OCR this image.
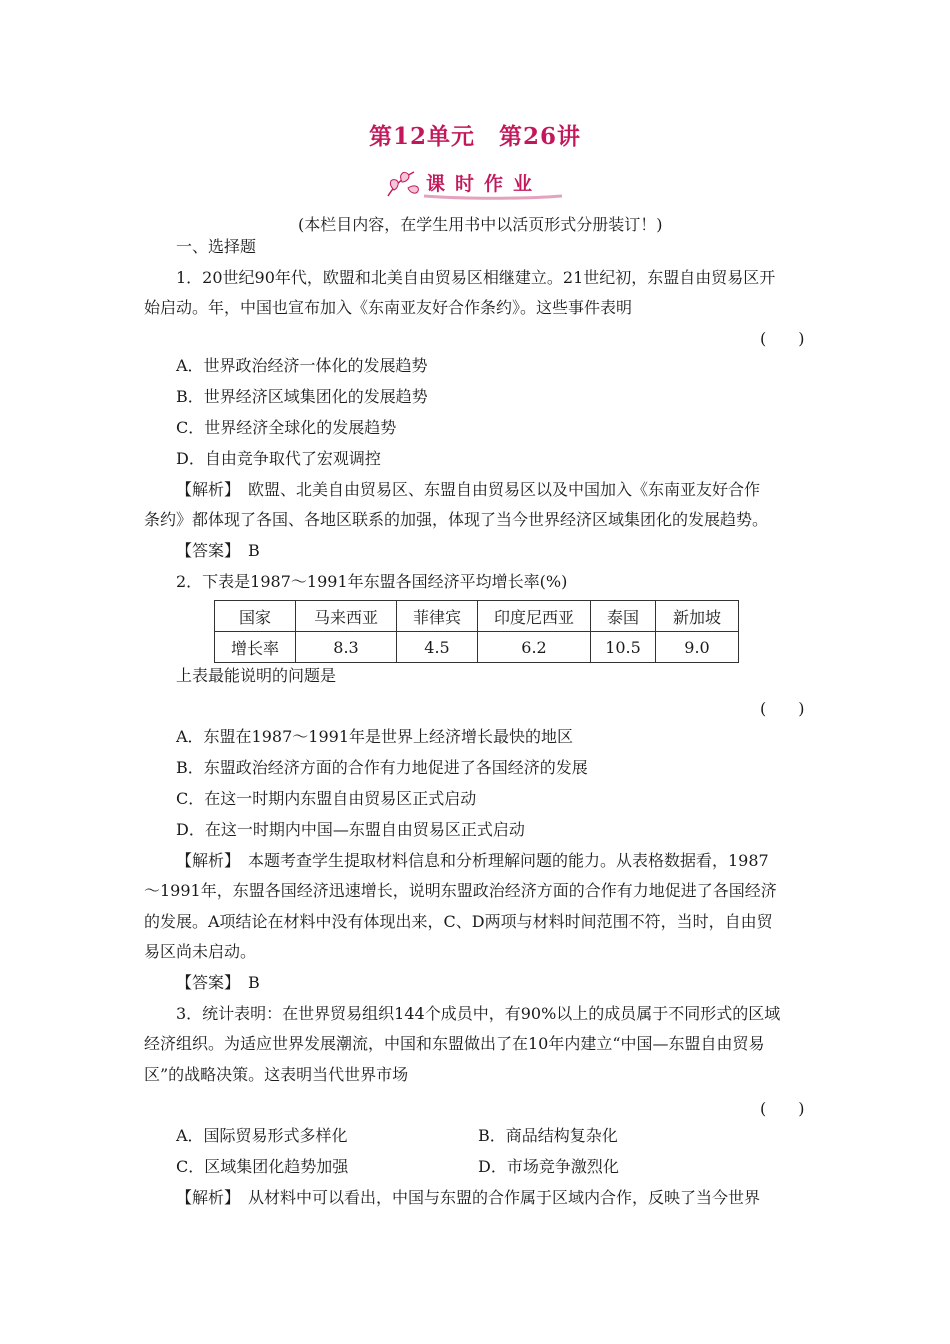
第12单元　第26讲
课时作业
(本栏目内容，在学生用书中以活页形式分册装订！)
一、选择题
1．20世纪90年代，欧盟和北美自由贸易区相继建立。21世纪初，东盟自由贸易区开
始启动。年，中国也宣布加入《东南亚友好合作条约》。这些事件表明
(　　)
A．世界政治经济一体化的发展趋势
B．世界经济区域集团化的发展趋势
C．世界经济全球化的发展趋势
D．自由竞争取代了宏观调控
【解析】　欧盟、北美自由贸易区、东盟自由贸易区以及中国加入《东南亚友好合作
条约》都体现了各国、各地区联系的加强，体现了当今世界经济区域集团化的发展趋势。
【答案】　B
2．下表是1987～1991年东盟各国经济平均增长率(%)
国家	马来西亚	菲律宾	印度尼西亚	泰国	新加坡
增长率	8.3	4.5	6.2	10.5	9.0
上表最能说明的问题是
(　　)
A．东盟在1987～1991年是世界上经济增长最快的地区
B．东盟政治经济方面的合作有力地促进了各国经济的发展
C．在这一时期内东盟自由贸易区正式启动
D．在这一时期内中国—东盟自由贸易区正式启动
【解析】　本题考查学生提取材料信息和分析理解问题的能力。从表格数据看，1987
～1991年，东盟各国经济迅速增长，说明东盟政治经济方面的合作有力地促进了各国经济
的发展。A项结论在材料中没有体现出来，C、D两项与材料时间范围不符，当时，自由贸
易区尚未启动。
【答案】　B
3．统计表明：在世界贸易组织144个成员中，有90%以上的成员属于不同形式的区域
经济组织。为适应世界发展潮流，中国和东盟做出了在10年内建立“中国—东盟自由贸易
区”的战略决策。这表明当代世界市场
(　　)
A．国际贸易形式多样化	B．商品结构复杂化
C．区域集团化趋势加强	D．市场竞争激烈化
【解析】　从材料中可以看出，中国与东盟的合作属于区域内合作，反映了当今世界
